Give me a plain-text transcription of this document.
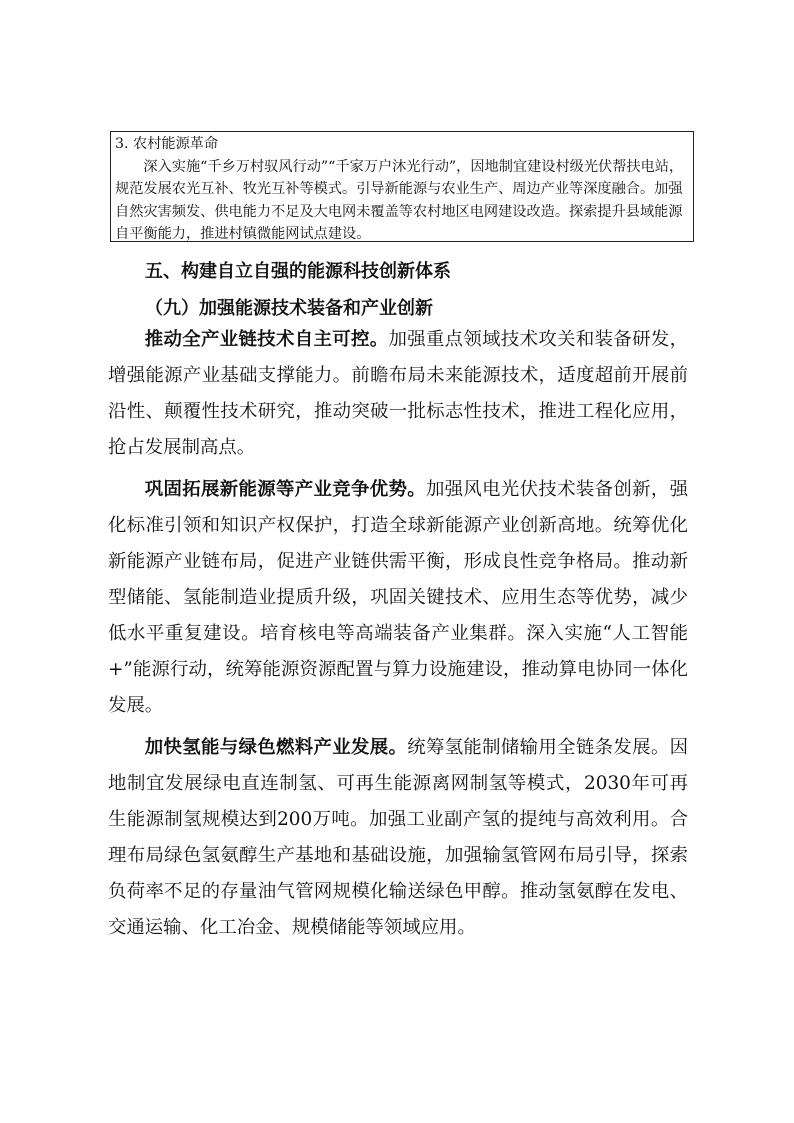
3. 农村能源革命

深入实施“千乡万村驭风行动”“千家万户沐光行动”，因地制宜建设村级光伏帮扶电站，规范发展农光互补、牧光互补等模式。引导新能源与农业生产、周边产业等深度融合。加强自然灾害频发、供电能力不足及大电网未覆盖等农村地区电网建设改造。探索提升县域能源自平衡能力，推进村镇微能网试点建设。

五、构建自立自强的能源科技创新体系
（九）加强能源技术装备和产业创新

推动全产业链技术自主可控。加强重点领域技术攻关和装备研发，增强能源产业基础支撑能力。前瞻布局未来能源技术，适度超前开展前沿性、颠覆性技术研究，推动突破一批标志性技术，推进工程化应用，抢占发展制高点。

巩固拓展新能源等产业竞争优势。加强风电光伏技术装备创新，强化标准引领和知识产权保护，打造全球新能源产业创新高地。统筹优化新能源产业链布局，促进产业链供需平衡，形成良性竞争格局。推动新型储能、氢能制造业提质升级，巩固关键技术、应用生态等优势，减少低水平重复建设。培育核电等高端装备产业集群。深入实施“人工智能+”能源行动，统筹能源资源配置与算力设施建设，推动算电协同一体化发展。

加快氢能与绿色燃料产业发展。统筹氢能制储输用全链条发展。因地制宜发展绿电直连制氢、可再生能源离网制氢等模式，2030年可再生能源制氢规模达到200万吨。加强工业副产氢的提纯与高效利用。合理布局绿色氢氨醇生产基地和基础设施，加强输氢管网布局引导，探索负荷率不足的存量油气管网规模化输送绿色甲醇。推动氢氨醇在发电、交通运输、化工冶金、规模储能等领域应用。
